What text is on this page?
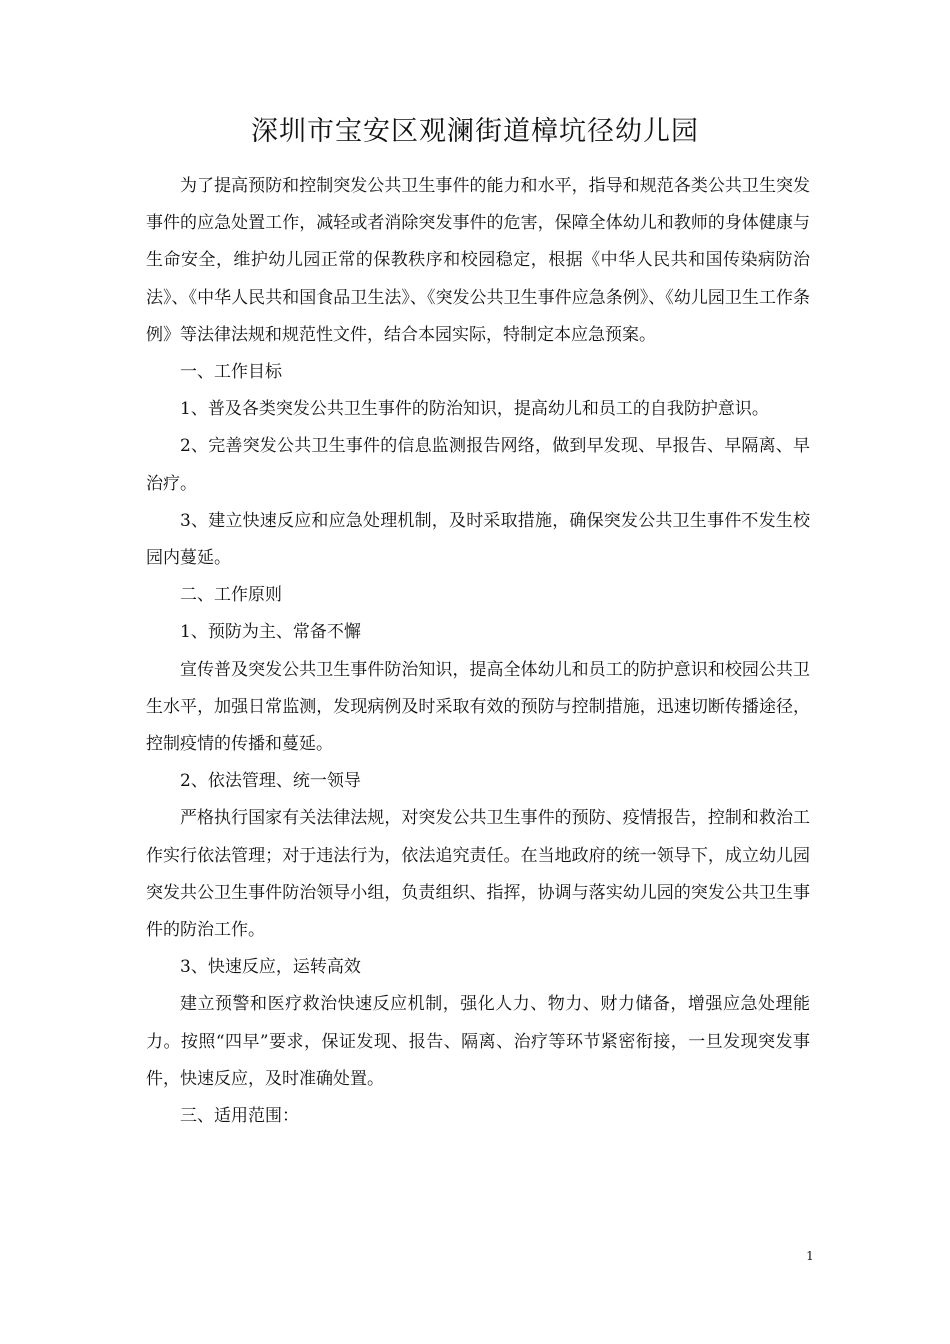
深圳市宝安区观澜街道樟坑径幼儿园

为了提高预防和控制突发公共卫生事件的能力和水平，指导和规范各类公共卫生突发事件的应急处置工作，减轻或者消除突发事件的危害，保障全体幼儿和教师的身体健康与生命安全，维护幼儿园正常的保教秩序和校园稳定，根据《中华人民共和国传染病防治法》、《中华人民共和国食品卫生法》、《突发公共卫生事件应急条例》、《幼儿园卫生工作条例》等法律法规和规范性文件，结合本园实际，特制定本应急预案。

一、工作目标

1、普及各类突发公共卫生事件的防治知识，提高幼儿和员工的自我防护意识。

2、完善突发公共卫生事件的信息监测报告网络，做到早发现、早报告、早隔离、早治疗。

3、建立快速反应和应急处理机制，及时采取措施，确保突发公共卫生事件不发生校园内蔓延。

二、工作原则

1、预防为主、常备不懈

宣传普及突发公共卫生事件防治知识，提高全体幼儿和员工的防护意识和校园公共卫生水平，加强日常监测，发现病例及时采取有效的预防与控制措施，迅速切断传播途径，控制疫情的传播和蔓延。

2、依法管理、统一领导

严格执行国家有关法律法规，对突发公共卫生事件的预防、疫情报告，控制和救治工作实行依法管理；对于违法行为，依法追究责任。在当地政府的统一领导下，成立幼儿园突发共公卫生事件防治领导小组，负责组织、指挥，协调与落实幼儿园的突发公共卫生事件的防治工作。

3、快速反应，运转高效

建立预警和医疗救治快速反应机制，强化人力、物力、财力储备，增强应急处理能力。按照“四早”要求，保证发现、报告、隔离、治疗等环节紧密衔接，一旦发现突发事件，快速反应，及时准确处置。

三、适用范围：

1
